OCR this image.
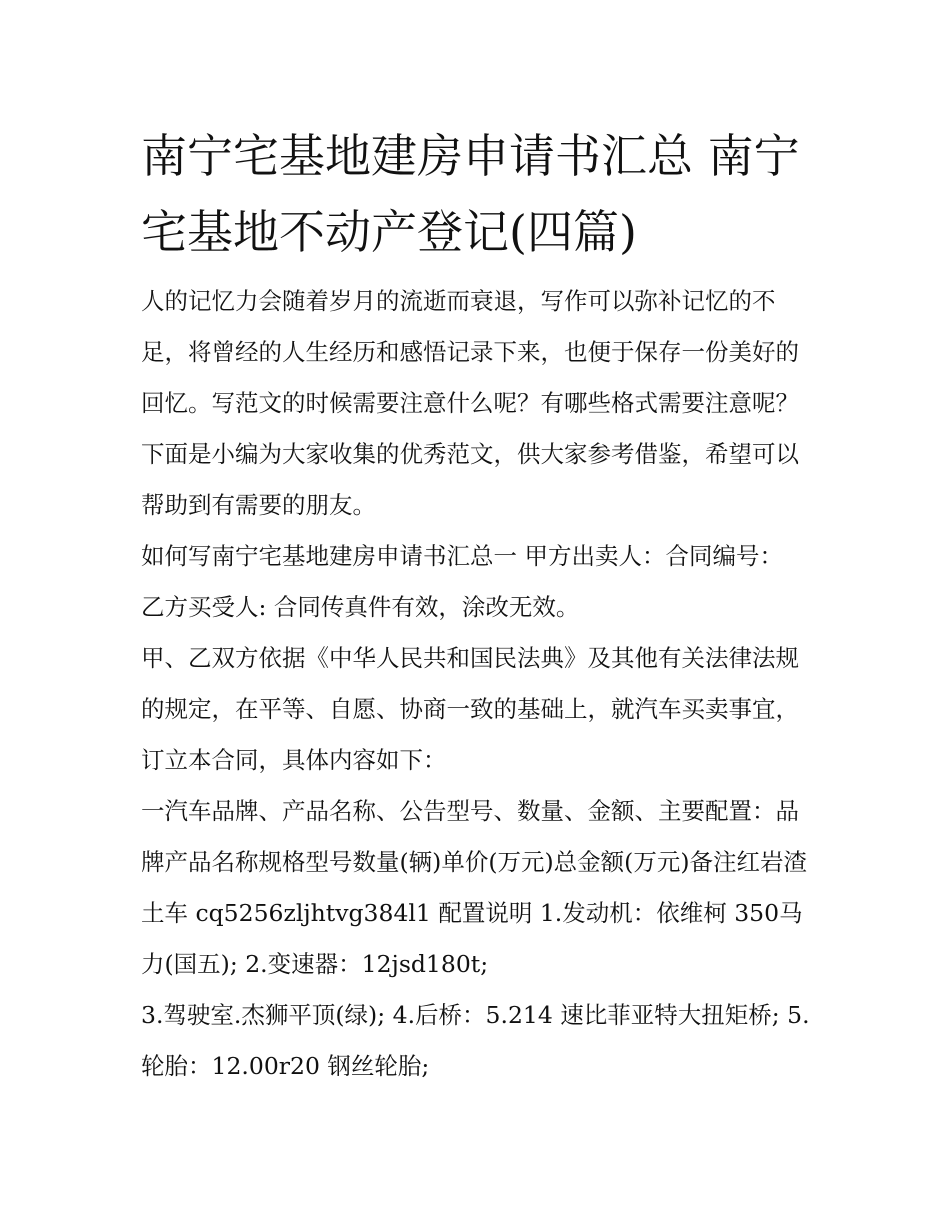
南宁宅基地建房申请书汇总 南宁宅基地不动产登记(四篇)

人的记忆力会随着岁月的流逝而衰退，写作可以弥补记忆的不足，将曾经的人生经历和感悟记录下来，也便于保存一份美好的回忆。写范文的时候需要注意什么呢？有哪些格式需要注意呢？下面是小编为大家收集的优秀范文，供大家参考借鉴，希望可以帮助到有需要的朋友。

如何写南宁宅基地建房申请书汇总一 甲方出卖人：合同编号： 乙方买受人: 合同传真件有效，涂改无效。

甲、乙双方依据《中华人民共和国民法典》及其他有关法律法规的规定，在平等、自愿、协商一致的基础上，就汽车买卖事宜，订立本合同，具体内容如下：

一汽车品牌、产品名称、公告型号、数量、金额、主要配置：品牌产品名称规格型号数量(辆)单价(万元)总金额(万元)备注红岩渣土车 cq5256zljhtvg384l1 配置说明 1.发动机：依维柯 350马力(国五); 2.变速器：12jsd180t;

3.驾驶室.杰狮平顶(绿); 4.后桥：5.214 速比菲亚特大扭矩桥; 5.轮胎：12.00r20 钢丝轮胎;
